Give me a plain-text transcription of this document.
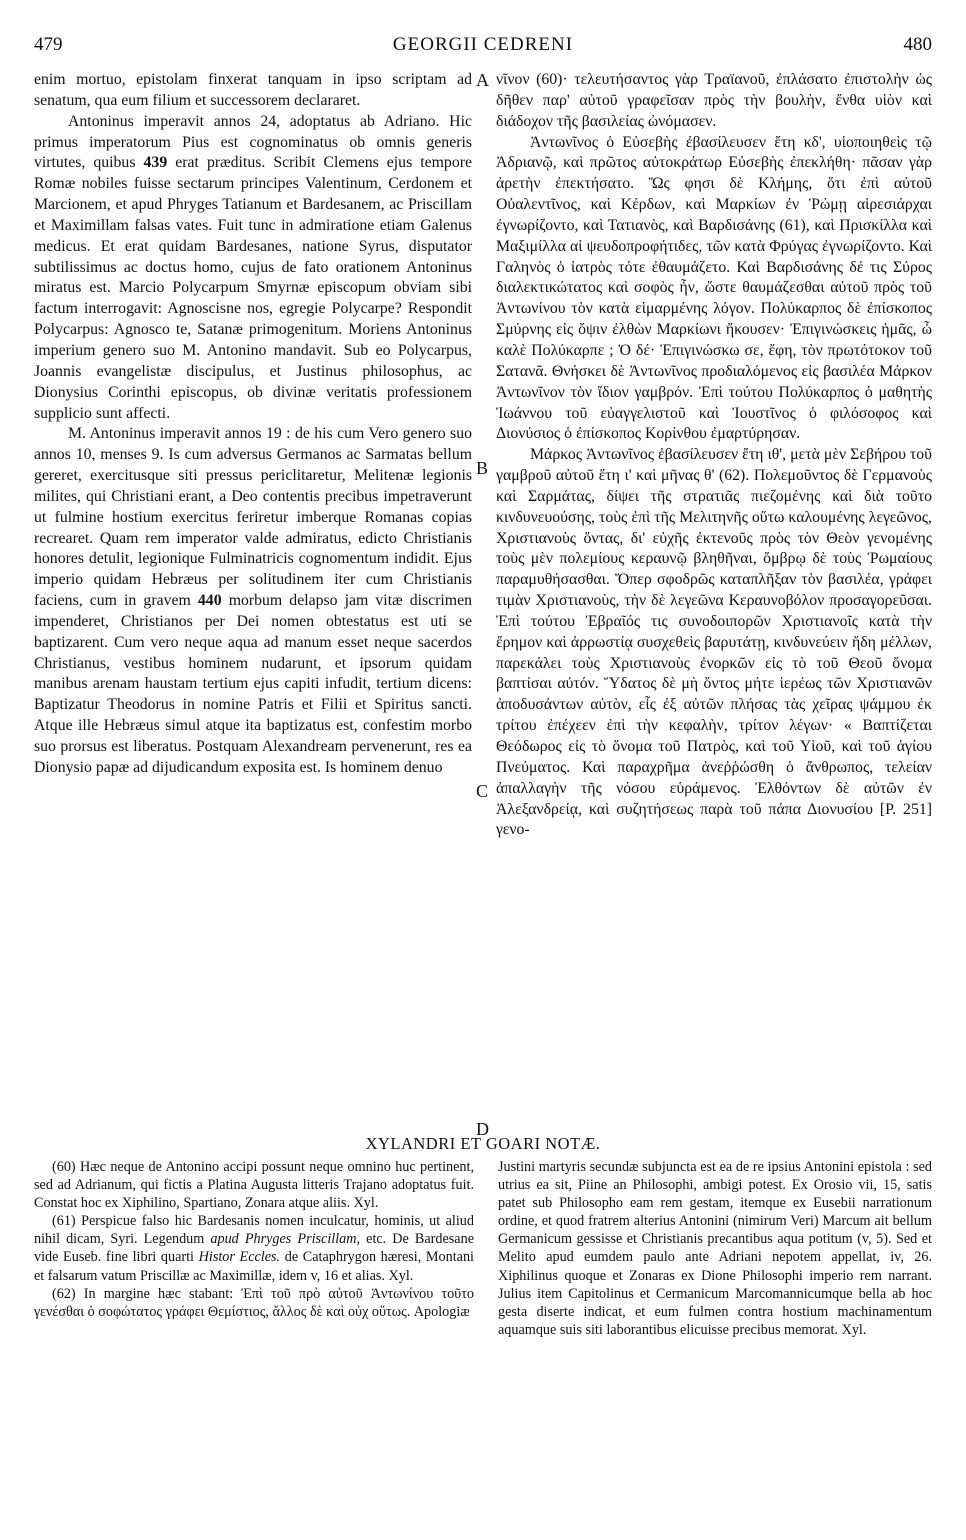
479	GEORGII CEDRENI	480

enim mortuo, epistolam finxerat tanquam in ipso scriptam ad senatum, qua eum filium et successorem declararet.

Antoninus imperavit annos 24, adoptatus ab Adriano. Hic primus imperatorum Pius est cognominatus ob omnis generis virtutes, quibus 439 erat præditus. Scribit Clemens ejus tempore Romæ nobiles fuisse sectarum principes Valentinum, Cerdonem et Marcionem, et apud Phryges Tatianum et Bardesanem, ac Priscillam et Maximillam falsas vates. Fuit tunc in admiratione etiam Galenus medicus. Et erat quidam Bardesanes, natione Syrus, disputator subtilissimus ac doctus homo, cujus de fato orationem Antoninus miratus est. Marcio Polycarpum Smyrnæ episcopum obviam sibi factum interrogavit: Agnoscisne nos, egregie Polycarpe? Respondit Polycarpus: Agnosco te, Satanæ primogenitum. Moriens Antoninus imperium genero suo M. Antonino mandavit. Sub eo Polycarpus, Joannis evangelistæ discipulus, et Justinus philosophus, ac Dionysius Corinthi episcopus, ob divinæ veritatis professionem supplicio sunt affecti.

M. Antoninus imperavit annos 19 : de his cum Vero genero suo annos 10, menses 9. Is cum adversus Germanos ac Sarmatas bellum gereret, exercitusque siti pressus periclitaretur, Melitenæ legionis milites, qui Christiani erant, a Deo contentis precibus impetraverunt ut fulmine hostium exercitus feriretur imberque Romanas copias recrearet. Quam rem imperator valde admiratus, edicto Christianis honores detulit, legionique Fulminatricis cognomentum indidit. Ejus imperio quidam Hebræus per solitudinem iter cum Christianis faciens, cum in gravem 440 morbum delapso jam vitæ discrimen impenderet, Christianos per Dei nomen obtestatus est uti se baptizarent. Cum vero neque aqua ad manum esset neque sacerdos Christianus, vestibus hominem nudarunt, et ipsorum quidam manibus arenam haustam tertium ejus capiti infudit, tertium dicens: Baptizatur Theodorus in nomine Patris et Filii et Spiritus sancti. Atque ille Hebræus simul atque ita baptizatus est, confestim morbo suo prorsus est liberatus. Postquam Alexandream pervenerunt, res ea Dionysio papæ ad dijudicandum exposita est. Is hominem denuo

A
B
C
D

νῖνον (60)· τελευτήσαντος γὰρ Τραϊανοῦ, ἐπλάσατο ἐπιστολὴν ὡς δῆθεν παρ' αὐτοῦ γραφεῖσαν πρὸς τὴν βουλὴν, ἔνθα υἱὸν καὶ διάδοχον τῆς βασιλείας ὠνόμασεν.

Ἀντωνῖνος ὁ Εὐσεβὴς ἐβασίλευσεν ἔτη κδ', υἱοποιηθεὶς τῷ Ἀδριανῷ, καὶ πρῶτος αὐτοκράτωρ Εὐσεβὴς ἐπεκλήθη· πᾶσαν γὰρ ἀρετὴν ἐπεκτήσατο. Ὥς φησι δὲ Κλήμης, ὅτι ἐπὶ αὐτοῦ Οὐαλεντῖνος, καὶ Κέρδων, καὶ Μαρκίων ἐν Ῥώμῃ αἱρεσιάρχαι ἐγνωρίζοντο, καὶ Τατιανὸς, καὶ Βαρδισάνης (61), καὶ Πρισκίλλα καὶ Μαξιμίλλα αἱ ψευδοπροφήτιδες, τῶν κατὰ Φρύγας ἐγνωρίζοντο. Καὶ Γαληνὸς ὁ ἰατρὸς τότε ἐθαυμάζετο. Καὶ Βαρδισάνης δέ τις Σύρος διαλεκτικώτατος καὶ σοφὸς ἦν, ὥστε θαυμάζεσθαι αὐτοῦ πρὸς τοῦ Ἀντωνίνου τὸν κατὰ εἱμαρμένης λόγον. Πολύκαρπος δὲ ἐπίσκοπος Σμύρνης εἰς ὄψιν ἐλθὼν Μαρκίωνι ἤκουσεν· Ἐπιγινώσκεις ἡμᾶς, ὦ καλὲ Πολύκαρπε ; Ὁ δέ· Ἐπιγινώσκω σε, ἔφη, τὸν πρωτότοκον τοῦ Σατανᾶ. Θνήσκει δὲ Ἀντωνῖνος προδιαλόμενος εἰς βασιλέα Μάρκον Ἀντωνῖνον τὸν ἴδιον γαμβρόν. Ἐπὶ τούτου Πολύκαρπος ὁ μαθητὴς Ἰωάννου τοῦ εὐαγγελιστοῦ καὶ Ἰουστῖνος ὁ φιλόσοφος καὶ Διονύσιος ὁ ἐπίσκοπος Κορίνθου ἐμαρτύρησαν.

Μάρκος Ἀντωνῖνος ἐβασίλευσεν ἔτη ιθ', μετὰ μὲν Σεβήρου τοῦ γαμβροῦ αὐτοῦ ἔτη ι' καὶ μῆνας θ' (62). Πολεμοῦντος δὲ Γερμανοὺς καὶ Σαρμάτας, δίψει τῆς στρατιᾶς πιεζομένης καὶ διὰ τοῦτο κινδυνευούσης, τοὺς ἐπὶ τῆς Μελιτηνῆς οὕτω καλουμένης λεγεῶνος, Χριστιανοὺς ὄντας, δι' εὐχῆς ἐκτενοῦς πρὸς τὸν Θεὸν γενομένης τοὺς μὲν πολεμίους κεραυνῷ βληθῆναι, ὄμβρῳ δὲ τοὺς Ῥωμαίους παραμυθήσασθαι. Ὅπερ σφοδρῶς καταπλῆξαν τὸν βασιλέα, γράφει τιμὰν Χριστιανοὺς, τὴν δὲ λεγεῶνα Κεραυνοβόλον προσαγορεῦσαι. Ἐπὶ τούτου Ἑβραῖός τις συνοδοιπορῶν Χριστιανοῖς κατὰ τὴν ἔρημον καὶ ἀρρωστίᾳ συσχεθεὶς βαρυτάτῃ, κινδυνεύειν ἤδη μέλλων, παρεκάλει τοὺς Χριστιανοὺς ἐνορκῶν εἰς τὸ τοῦ Θεοῦ ὄνομα βαπτίσαι αὐτόν. Ὕδατος δὲ μὴ ὄντος μήτε ἱερέως τῶν Χριστιανῶν ἀποδυσάντων αὐτὸν, εἷς ἐξ αὐτῶν πλήσας τὰς χεῖρας ψάμμου ἐκ τρίτου ἐπέχεεν ἐπὶ τὴν κεφαλὴν, τρίτον λέγων· « Βαπτίζεται Θεόδωρος εἰς τὸ ὄνομα τοῦ Πατρὸς, καὶ τοῦ Υἱοῦ, καὶ τοῦ ἁγίου Πνεύματος. Καὶ παραχρῆμα ἀνεῤῥώσθη ὁ ἄνθρωπος, τελείαν ἀπαλλαγὴν τῆς νόσου εὑράμενος. Ἐλθόντων δὲ αὐτῶν ἐν Ἀλεξανδρείᾳ, καὶ συζητήσεως παρὰ τοῦ πάπα Διονυσίου [P. 251] γενο-

XYLANDRI ET GOARI NOTÆ.

(60) Hæc neque de Antonino accipi possunt neque omnino huc pertinent, sed ad Adrianum, qui fictis a Platina Augusta litteris Trajano adoptatus fuit. Constat hoc ex Xiphilino, Spartiano, Zonara atque aliis. Xyl.

(61) Perspicue falso hic Bardesanis nomen inculcatur, hominis, ut aliud nihil dicam, Syri. Legendum apud Phryges Priscillam, etc. De Bardesane vide Euseb. fine libri quarti Histor Eccles. de Cataphrygon hæresi, Montani et falsarum vatum Priscillæ ac Maximillæ, idem v, 16 et alias. Xyl.

(62) In margine hæc stabant: Ἐπὶ τοῦ πρὸ αὐτοῦ Ἀντωνίνου τοῦτο γενέσθαι ὁ σοφώτατος γράφει Θεμίστιος, ἄλλος δὲ καὶ οὐχ οὕτως. Apologiæ

Justini martyris secundæ subjuncta est ea de re ipsius Antonini epistola : sed utrius ea sit, Piine an Philosophi, ambigi potest. Ex Orosio vii, 15, satis patet sub Philosopho eam rem gestam, itemque ex Eusebii narrationum ordine, et quod fratrem alterius Antonini (nimirum Veri) Marcum ait bellum Germanicum gessisse et Christianis precantibus aqua potitum (v, 5). Sed et Melito apud eumdem paulo ante Adriani nepotem appellat, iv, 26. Xiphilinus quoque et Zonaras ex Dione Philosophi imperio rem narrant. Julius item Capitolinus et Cermanicum Marcomannicumque bella ab hoc gesta diserte indicat, et eum fulmen contra hostium machinamentum aquamque suis siti laborantibus elicuisse precibus memorat. Xyl.
